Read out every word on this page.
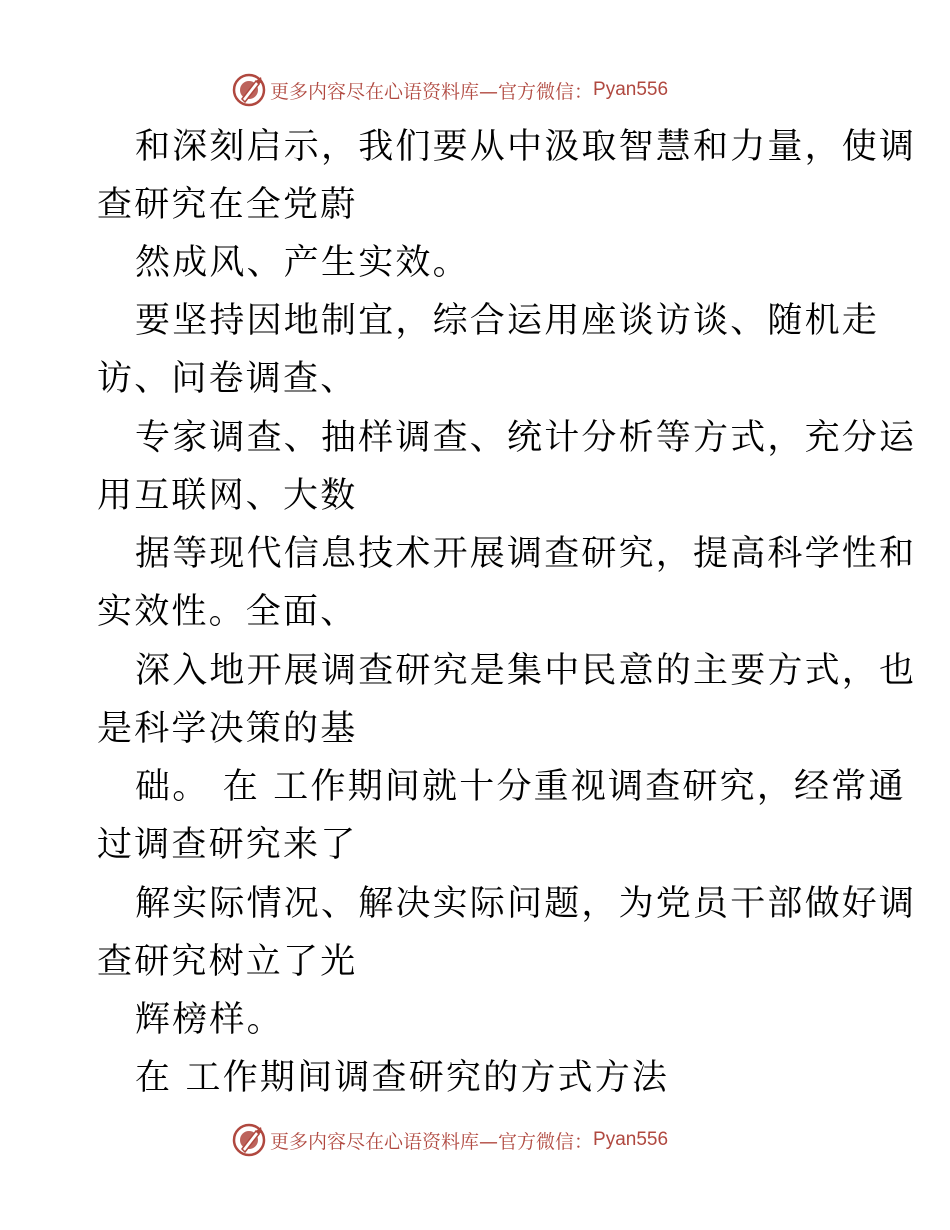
更多内容尽在心语资料库—官方微信： Pyan556
和深刻启示，我们要从中汲取智慧和力量，使调
查研究在全党蔚
然成风、产生实效。
要坚持因地制宜，综合运用座谈访谈、随机走
访、问卷调查、
专家调查、抽样调查、统计分析等方式，充分运
用互联网、大数
据等现代信息技术开展调查研究，提高科学性和
实效性。全面、
深入地开展调查研究是集中民意的主要方式，也
是科学决策的基
础。 在 工作期间就十分重视调查研究，经常通
过调查研究来了
解实际情况、解决实际问题，为党员干部做好调
查研究树立了光
辉榜样。
在 工作期间调查研究的方式方法
更多内容尽在心语资料库—官方微信： Pyan556
